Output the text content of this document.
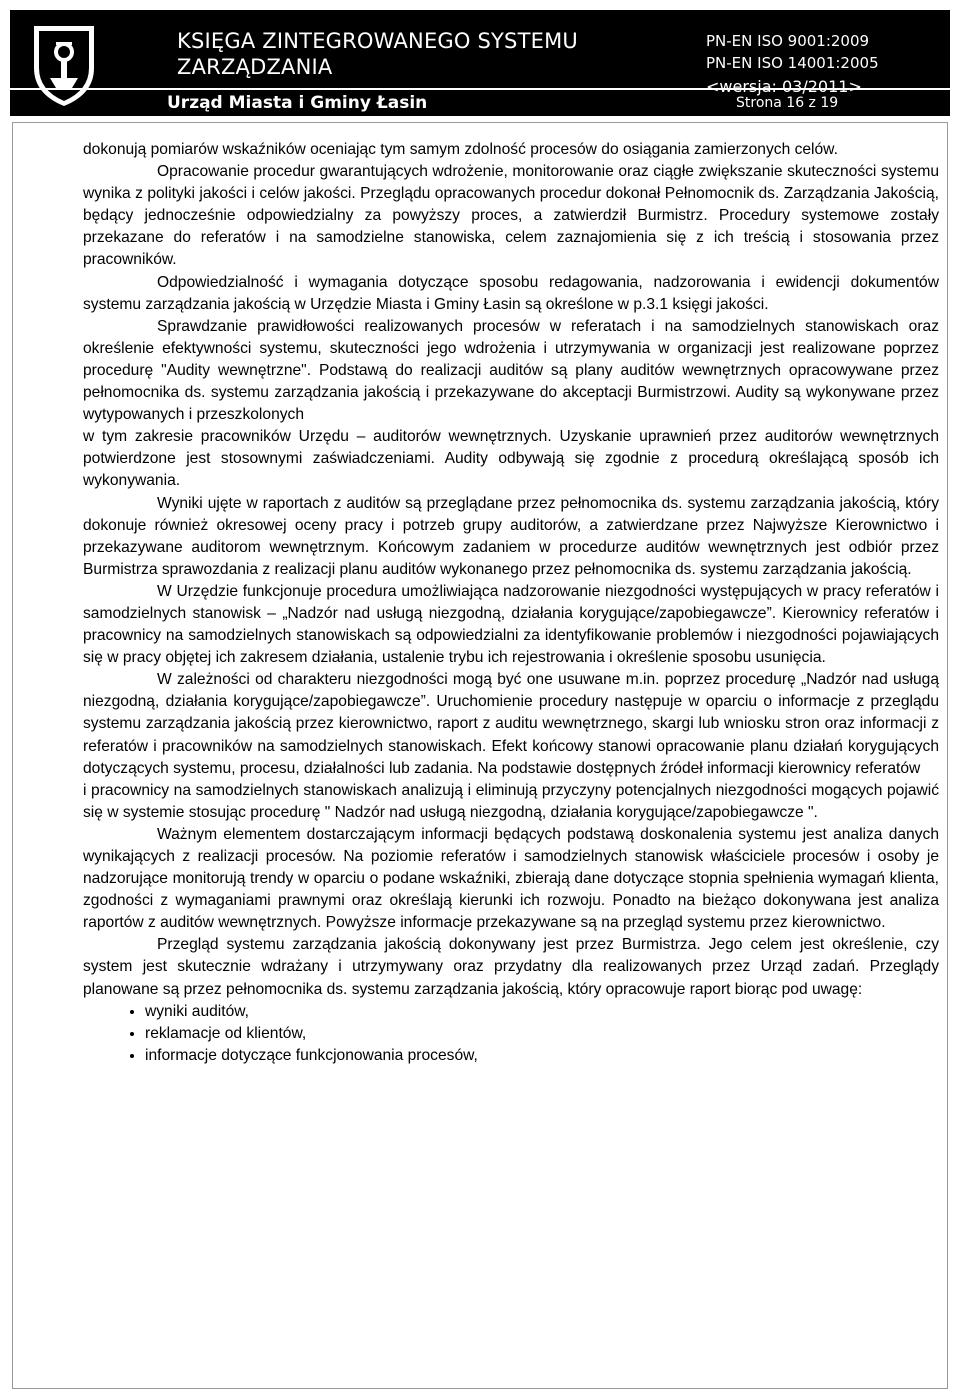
KSIĘGA ZINTEGROWANEGO SYSTEMU
ZARZĄDZANIA
PN-EN ISO 9001:2009
PN-EN ISO 14001:2005
<wersja: 03/2011>
Urząd Miasta i Gminy Łasin	Strona 16 z 19

dokonują pomiarów wskaźników oceniając tym samym zdolność procesów do osiągania zamierzonych celów.

Opracowanie procedur gwarantujących wdrożenie, monitorowanie oraz ciągłe zwiększanie skuteczności systemu wynika z polityki jakości i celów jakości. Przeglądu opracowanych procedur dokonał Pełnomocnik ds. Zarządzania Jakością, będący jednocześnie odpowiedzialny za powyższy proces, a zatwierdził Burmistrz. Procedury systemowe zostały przekazane do referatów i na samodzielne stanowiska, celem zaznajomienia się z ich treścią i stosowania przez pracowników.

Odpowiedzialność i wymagania dotyczące sposobu redagowania, nadzorowania i ewidencji dokumentów systemu zarządzania jakością w Urzędzie Miasta i Gminy Łasin są określone w p.3.1 księgi jakości.

Sprawdzanie prawidłowości realizowanych procesów w referatach i na samodzielnych stanowiskach oraz określenie efektywności systemu, skuteczności jego wdrożenia i utrzymywania w organizacji jest realizowane poprzez procedurę "Audity wewnętrzne". Podstawą do realizacji auditów są plany auditów wewnętrznych opracowywane przez pełnomocnika ds. systemu zarządzania jakością i przekazywane do akceptacji Burmistrzowi. Audity są wykonywane przez wytypowanych i przeszkolonych

w tym zakresie pracowników Urzędu – auditorów wewnętrznych. Uzyskanie uprawnień przez auditorów wewnętrznych potwierdzone jest stosownymi zaświadczeniami. Audity odbywają się zgodnie z procedurą określającą sposób ich wykonywania.

Wyniki ujęte w raportach z auditów są przeglądane przez pełnomocnika ds. systemu zarządzania jakością, który dokonuje również okresowej oceny pracy i potrzeb grupy auditorów, a zatwierdzane przez Najwyższe Kierownictwo i przekazywane auditorom wewnętrznym. Końcowym zadaniem w procedurze auditów wewnętrznych jest odbiór przez Burmistrza sprawozdania z realizacji planu auditów wykonanego przez pełnomocnika ds. systemu zarządzania jakością.

W Urzędzie funkcjonuje procedura umożliwiająca nadzorowanie niezgodności występujących w pracy referatów i samodzielnych stanowisk – „Nadzór nad usługą niezgodną, działania korygujące/zapobiegawcze”. Kierownicy referatów i pracownicy na samodzielnych stanowiskach są odpowiedzialni za identyfikowanie problemów i niezgodności pojawiających się w pracy objętej ich zakresem działania, ustalenie trybu ich rejestrowania i określenie sposobu usunięcia.

W zależności od charakteru niezgodności mogą być one usuwane m.in. poprzez procedurę „Nadzór nad usługą niezgodną, działania korygujące/zapobiegawcze”. Uruchomienie procedury następuje w oparciu o informacje z przeglądu systemu zarządzania jakością przez kierownictwo, raport z auditu wewnętrznego, skargi lub wniosku stron oraz informacji z referatów i pracowników na samodzielnych stanowiskach. Efekt końcowy stanowi opracowanie planu działań korygujących dotyczących systemu, procesu, działalności lub zadania. Na podstawie dostępnych źródeł informacji kierownicy referatów

i pracownicy na samodzielnych stanowiskach analizują i eliminują przyczyny potencjalnych niezgodności mogących pojawić się w systemie stosując procedurę " Nadzór nad usługą niezgodną, działania korygujące/zapobiegawcze ".

Ważnym elementem dostarczającym informacji będących podstawą doskonalenia systemu jest analiza danych wynikających z realizacji procesów. Na poziomie referatów i samodzielnych stanowisk właściciele procesów i osoby je nadzorujące monitorują trendy w oparciu o podane wskaźniki, zbierają dane dotyczące stopnia spełnienia wymagań klienta, zgodności z wymaganiami prawnymi oraz określają kierunki ich rozwoju. Ponadto na bieżąco dokonywana jest analiza raportów z auditów wewnętrznych. Powyższe informacje przekazywane są na przegląd systemu przez kierownictwo.

Przegląd systemu zarządzania jakością dokonywany jest przez Burmistrza. Jego celem jest określenie, czy system jest skutecznie wdrażany i utrzymywany oraz przydatny dla realizowanych przez Urząd zadań. Przeglądy planowane są przez pełnomocnika ds. systemu zarządzania jakością, który opracowuje raport biorąc pod uwagę:

• wyniki auditów,
• reklamacje od klientów,
• informacje dotyczące funkcjonowania procesów,
